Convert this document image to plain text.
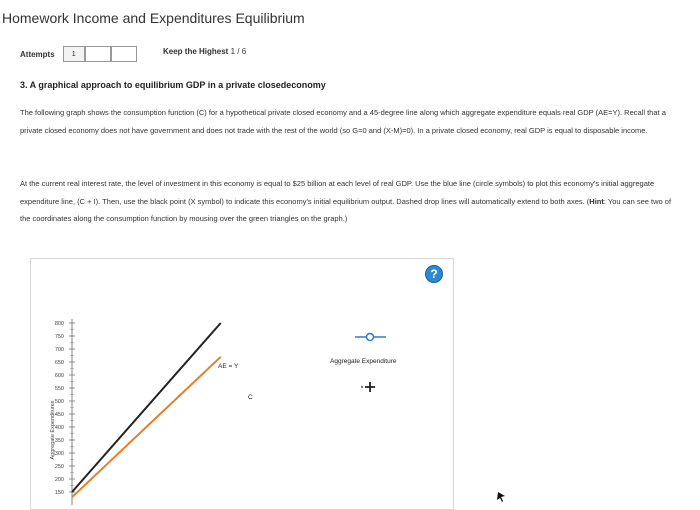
Homework Income and Expenditures Equilibrium
Attempts	1	Keep the Highest 1 / 6
3. A graphical approach to equilibrium GDP in a private closedeconomy
The following graph shows the consumption function (C) for a hypothetical private closed economy and a 45-degree line along which aggregate expenditure equals real GDP (AE=Y). Recall that a private closed economy does not have government and does not trade with the rest of the world (so G=0 and (X-M)=0). In a private closed economy, real GDP is equal to disposable income.
At the current real interest rate, the level of investment in this economy is equal to $25 billion at each level of real GDP. Use the blue line (circle symbols) to plot this economy's initial aggregate expenditure line, (C + I). Then, use the black point (X symbol) to indicate this economy's initial equilibrium output. Dashed drop lines will automatically extend to both axes. (Hint: You can see two of the coordinates along the consumption function by mousing over the green triangles on the graph.)
?
150
200
250
300
350
400
450
500
550
600
650
700
750
800
Aggregate Expenditures
AE = Y
C
Aggregate Expenditure
